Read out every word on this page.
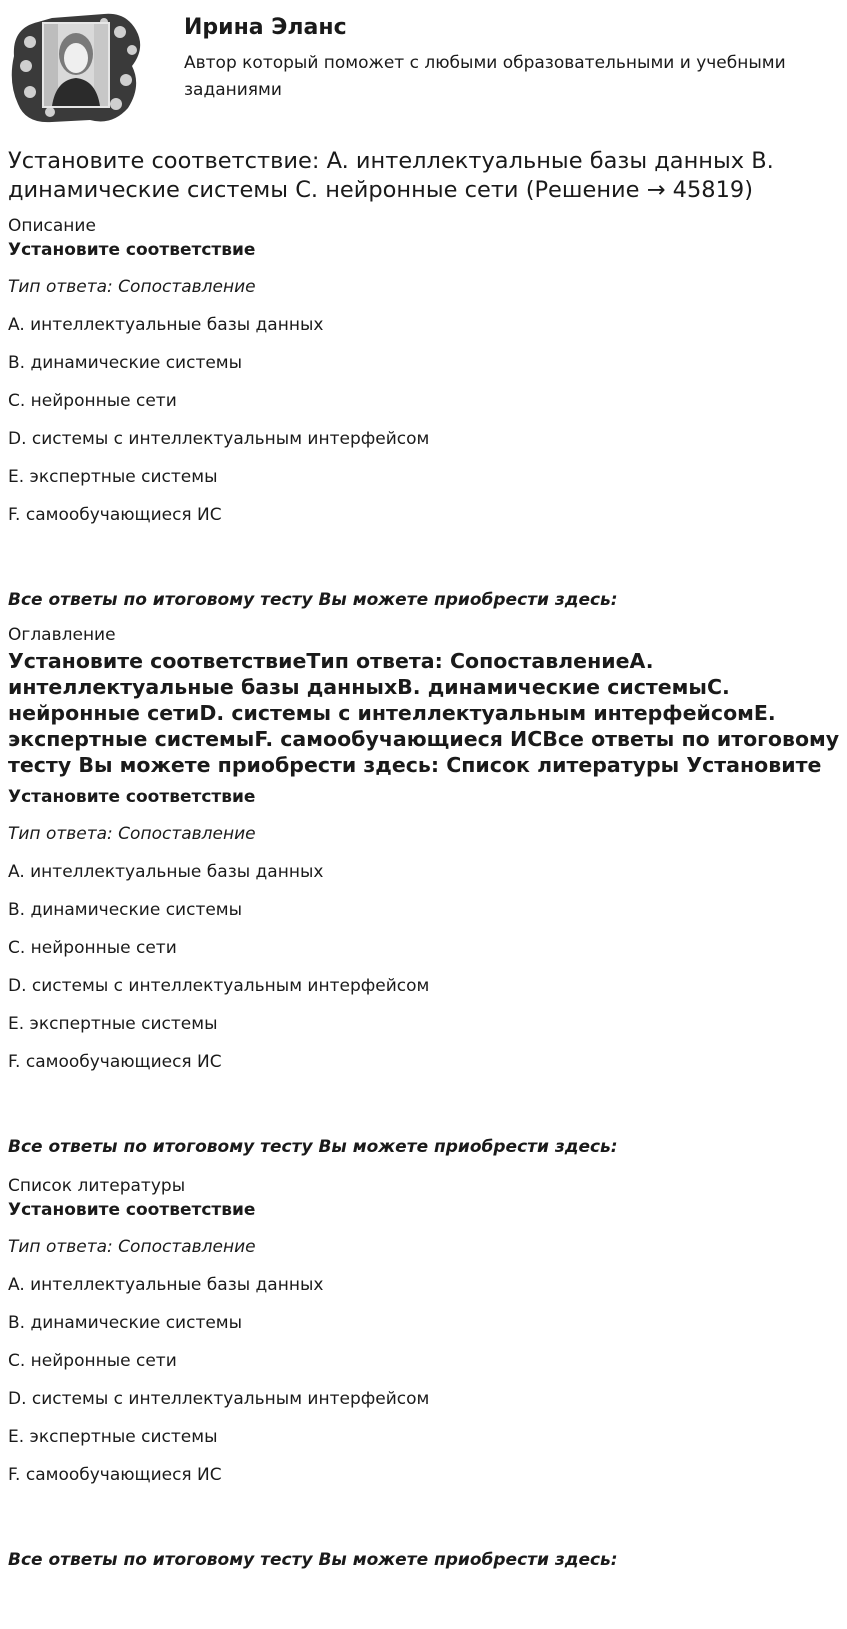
Ирина Эланс

Автор который поможет с любыми образовательными и учебными заданиями

Установите соответствие: A. интеллектуальные базы данных B. динамические системы C. нейронные сети (Решение → 45819)

Описание

Установите соответствие

Тип ответа: Сопоставление

A. интеллектуальные базы данных
B. динамические системы
C. нейронные сети
D. системы с интеллектуальным интерфейсом
E. экспертные системы
F. самообучающиеся ИС

Все ответы по итоговому тесту Вы можете приобрести здесь:

Оглавление

Установите соответствиеТип ответа: СопоставлениеA. интеллектуальные базы данныхB. динамические системыC. нейронные сетиD. системы с интеллектуальным интерфейсомE. экспертные системыF. самообучающиеся ИСВсе ответы по итоговому тесту Вы можете приобрести здесь: Список литературы Установите

Установите соответствие

Тип ответа: Сопоставление

A. интеллектуальные базы данных
B. динамические системы
C. нейронные сети
D. системы с интеллектуальным интерфейсом
E. экспертные системы
F. самообучающиеся ИС

Все ответы по итоговому тесту Вы можете приобрести здесь:

Список литературы

Установите соответствие

Тип ответа: Сопоставление

A. интеллектуальные базы данных
B. динамические системы
C. нейронные сети
D. системы с интеллектуальным интерфейсом
E. экспертные системы
F. самообучающиеся ИС

Все ответы по итоговому тесту Вы можете приобрести здесь:
